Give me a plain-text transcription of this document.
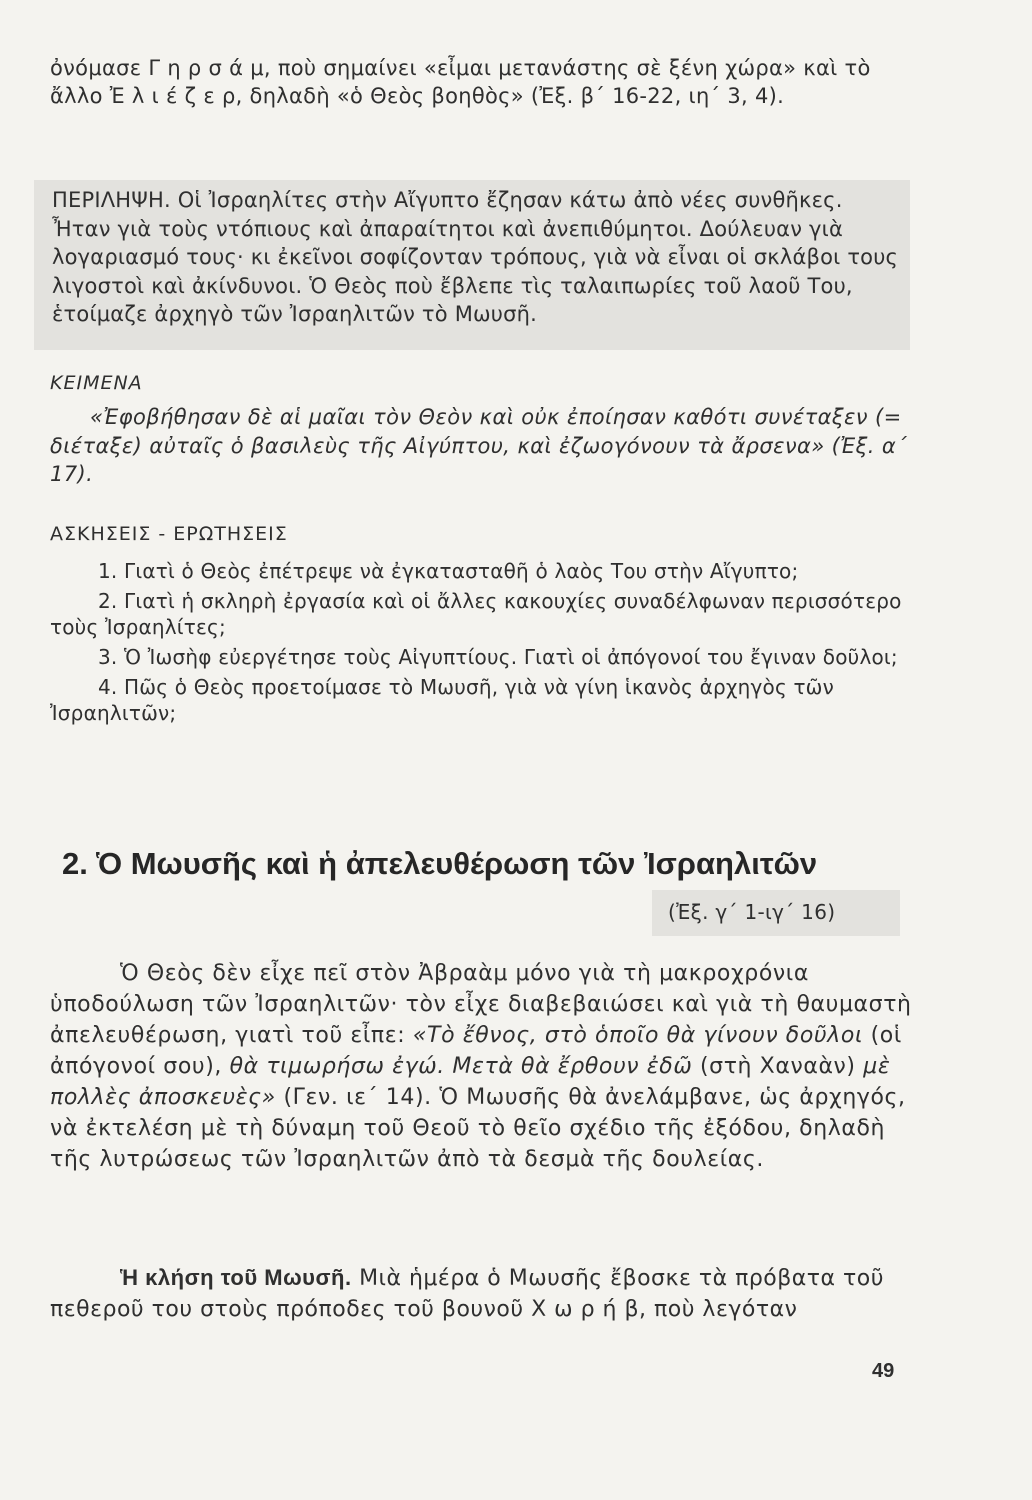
ὀνόμασε Γ η ρ σ ά μ, ποὺ σημαίνει «εἶμαι μετανάστης σὲ ξένη χώρα» καὶ τὸ ἄλλο Ἐ λ ι έ ζ ε ρ, δηλαδὴ «ὁ Θεὸς βοηθὸς» (Ἐξ. β΄ 16-22, ιη΄ 3, 4).

ΠΕΡΙΛΗΨΗ. Οἱ Ἰσραηλίτες στὴν Αἴγυπτο ἔζησαν κάτω ἀπὸ νέες συνθῆκες. Ἦταν γιὰ τοὺς ντόπιους καὶ ἀπαραίτητοι καὶ ἀνεπιθύμητοι. Δούλευαν γιὰ λογαριασμό τους· κι ἐκεῖνοι σοφίζονταν τρόπους, γιὰ νὰ εἶναι οἱ σκλάβοι τους λιγοστοὶ καὶ ἀκίνδυνοι. Ὁ Θεὸς ποὺ ἔβλεπε τὶς ταλαιπωρίες τοῦ λαοῦ Του, ἑτοίμαζε ἀρχηγὸ τῶν Ἰσραηλιτῶν τὸ Μωυσῆ.

ΚΕΙΜΕΝΑ

«Ἐφοβήθησαν δὲ αἱ μαῖαι τὸν Θεὸν καὶ οὐκ ἐποίησαν καθότι συνέταξεν (= διέταξε) αὐταῖς ὁ βασιλεὺς τῆς Αἰγύπτου, καὶ ἐζωογόνουν τὰ ἄρσενα» (Ἐξ. α΄ 17).

ΑΣΚΗΣΕΙΣ - ΕΡΩΤΗΣΕΙΣ

1. Γιατὶ ὁ Θεὸς ἐπέτρεψε νὰ ἐγκατασταθῆ ὁ λαὸς Του στὴν Αἴγυπτο;
2. Γιατὶ ἡ σκληρὴ ἐργασία καὶ οἱ ἄλλες κακουχίες συναδέλφωναν περισσότερο τοὺς Ἰσραηλίτες;
3. Ὁ Ἰωσὴφ εὐεργέτησε τοὺς Αἰγυπτίους. Γιατὶ οἱ ἀπόγονοί του ἔγιναν δοῦλοι;
4. Πῶς ὁ Θεὸς προετοίμασε τὸ Μωυσῆ, γιὰ νὰ γίνη ἱκανὸς ἀρχηγὸς τῶν Ἰσραηλιτῶν;
2. Ὁ Μωυσῆς καὶ ἡ ἀπελευθέρωση τῶν Ἰσραηλιτῶν

(Ἐξ. γ΄ 1-ιγ΄ 16)

Ὁ Θεὸς δὲν εἶχε πεῖ στὸν Ἀβραὰμ μόνο γιὰ τὴ μακροχρόνια ὑποδούλωση τῶν Ἰσραηλιτῶν· τὸν εἶχε διαβεβαιώσει καὶ γιὰ τὴ θαυμαστὴ ἀπελευθέρωση, γιατὶ τοῦ εἶπε: «Τὸ ἔθνος, στὸ ὁποῖο θὰ γίνουν δοῦλοι (οἱ ἀπόγονοί σου), θὰ τιμωρήσω ἐγώ. Μετὰ θὰ ἔρθουν ἐδῶ (στὴ Χαναὰν) μὲ πολλὲς ἀποσκευὲς» (Γεν. ιε΄ 14). Ὁ Μωυσῆς θὰ ἀνελάμβανε, ὡς ἀρχηγός, νὰ ἐκτελέση μὲ τὴ δύναμη τοῦ Θεοῦ τὸ θεῖο σχέδιο τῆς ἐξόδου, δηλαδὴ τῆς λυτρώσεως τῶν Ἰσραηλιτῶν ἀπὸ τὰ δεσμὰ τῆς δουλείας.

Ἡ κλήση τοῦ Μωυσῆ. Μιὰ ἡμέρα ὁ Μωυσῆς ἔβοσκε τὰ πρόβατα τοῦ πεθεροῦ του στοὺς πρόποδες τοῦ βουνοῦ Χ ω ρ ή β, ποὺ λεγόταν

49
